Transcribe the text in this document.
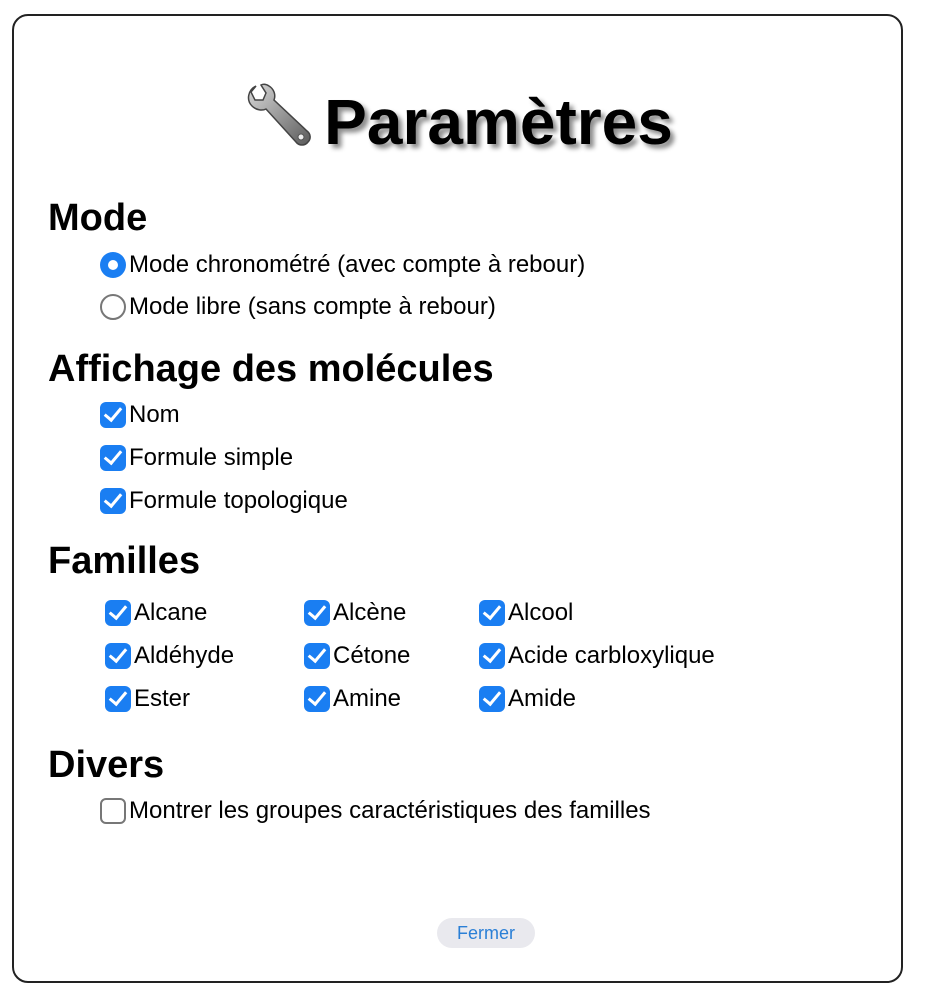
Paramètres
Mode
Mode chronométré (avec compte à rebour)
Mode libre (sans compte à rebour)
Affichage des molécules
Nom
Formule simple
Formule topologique
Familles
Alcane	Alcène	Alcool
Aldéhyde	Cétone	Acide carbloxylique
Ester	Amine	Amide
Divers
Montrer les groupes caractéristiques des familles
Fermer
